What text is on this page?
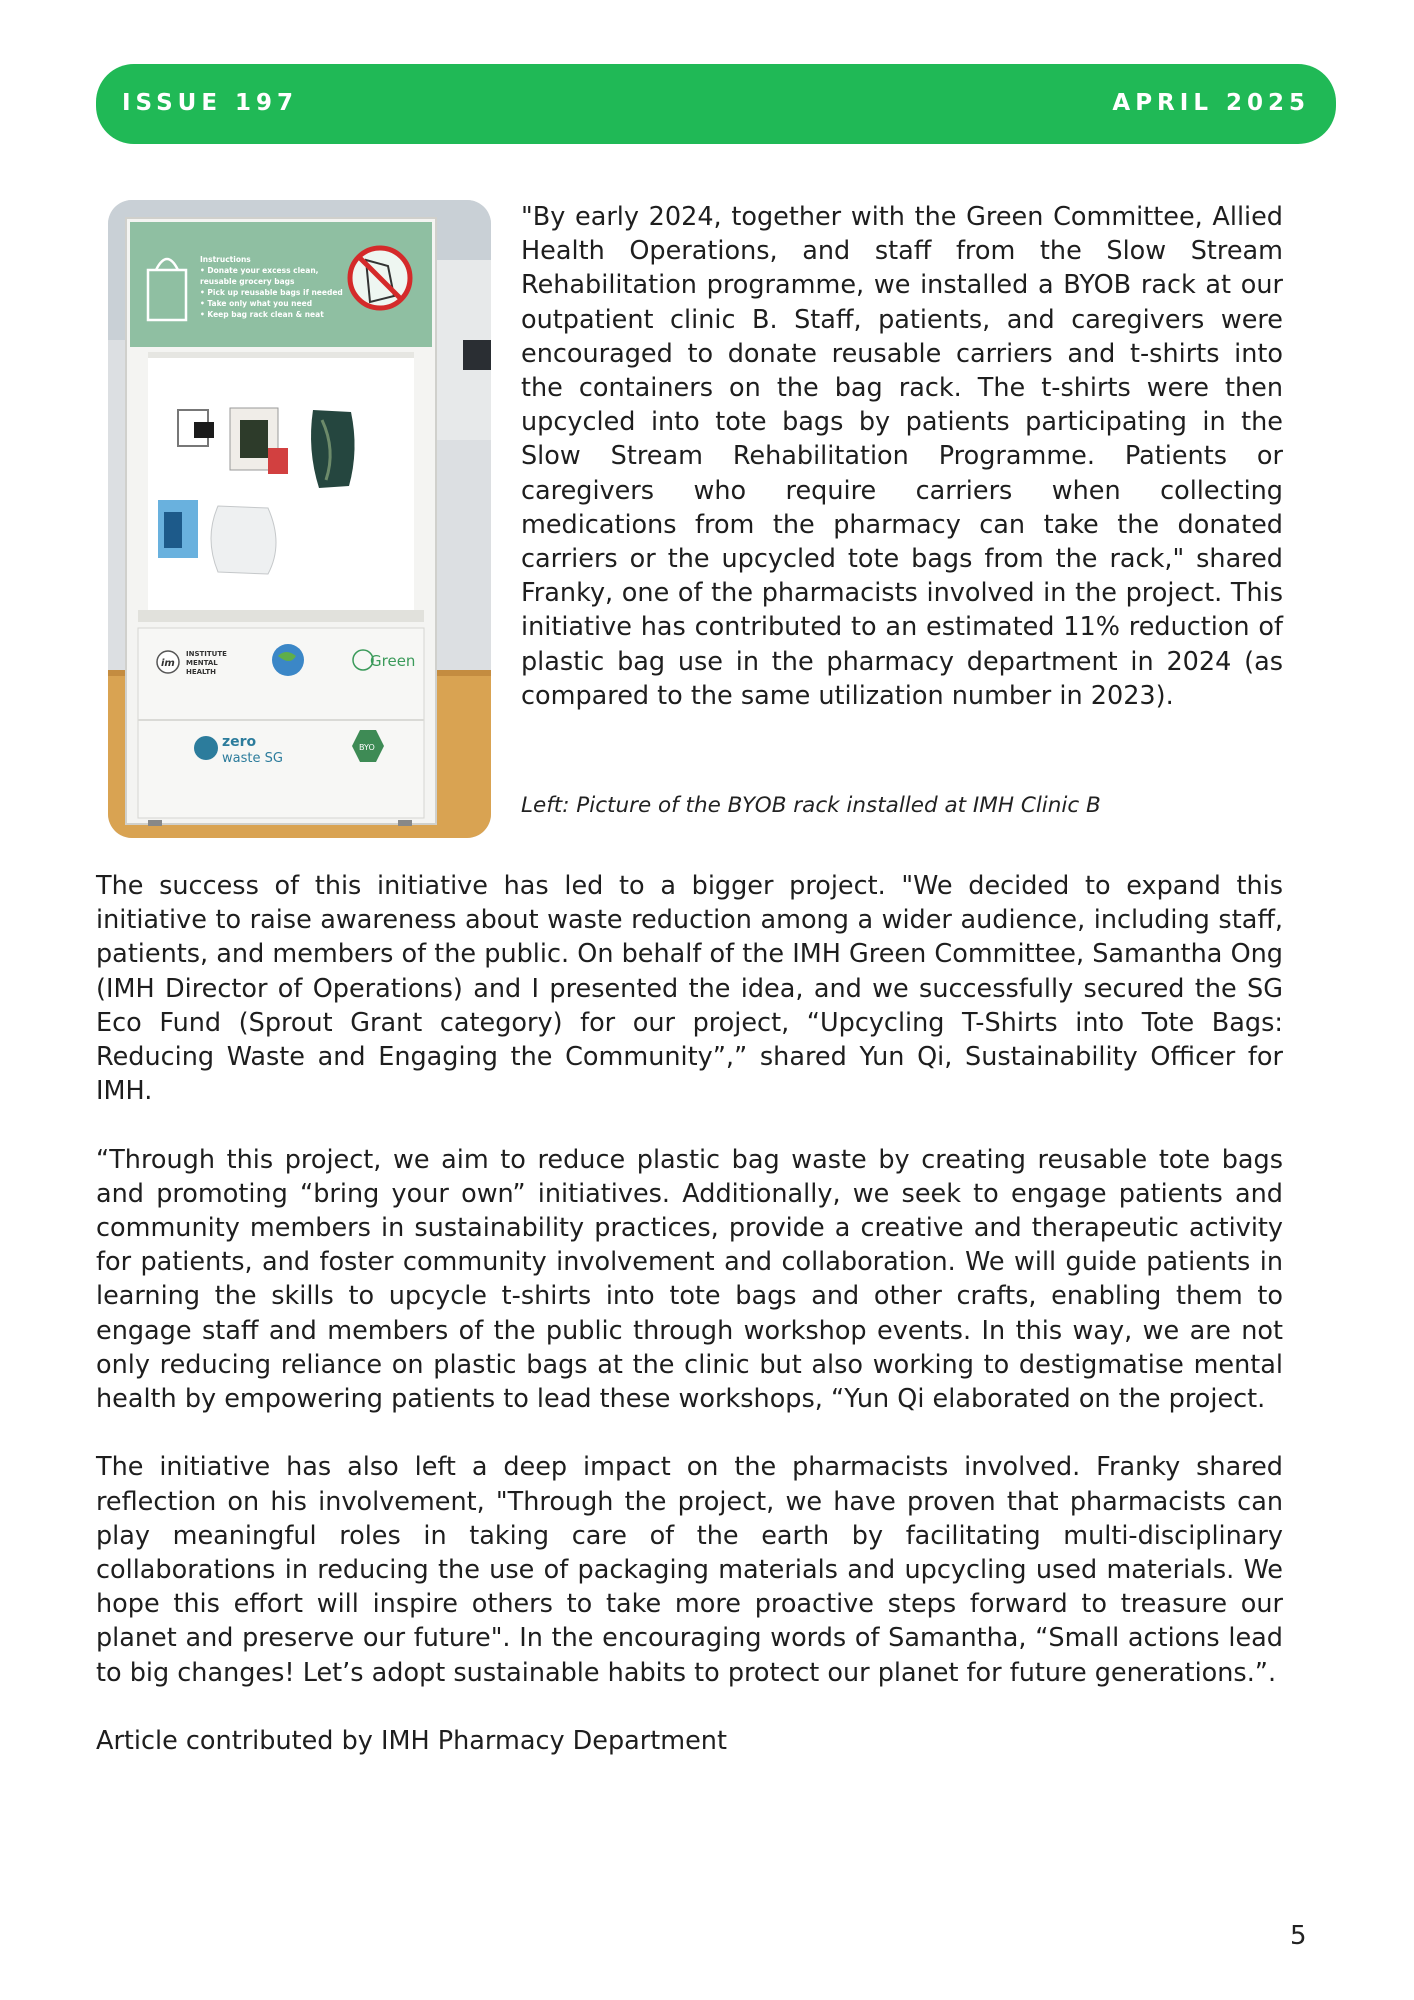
ISSUE 197	APRIL 2025
Instructions
• Donate your excess clean,
reusable grocery bags
• Pick up reusable bags if needed
• Take only what you need
• Keep bag rack clean & neat
im
INSTITUTE
MENTAL
HEALTH
Green
zero
waste SG
BYO

"By early 2024, together with the Green Committee, Allied Health Operations, and staff from the Slow Stream Rehabilitation programme, we installed a BYOB rack at our outpatient clinic B. Staff, patients, and caregivers were encouraged to donate reusable carriers and t-shirts into the containers on the bag rack. The t-shirts were then upcycled into tote bags by patients participating in the Slow Stream Rehabilitation Programme. Patients or caregivers who require carriers when collecting medications from the pharmacy can take the donated carriers or the upcycled tote bags from the rack," shared Franky, one of the pharmacists involved in the project. This initiative has contributed to an estimated 11% reduction of plastic bag use in the pharmacy department in 2024 (as compared to the same utilization number in 2023).

Left: Picture of the BYOB rack installed at IMH Clinic B

The success of this initiative has led to a bigger project. "We decided to expand this initiative to raise awareness about waste reduction among a wider audience, including staff, patients, and members of the public. On behalf of the IMH Green Committee, Samantha Ong (IMH Director of Operations) and I presented the idea, and we successfully secured the SG Eco Fund (Sprout Grant category) for our project, “Upcycling T-Shirts into Tote Bags: Reducing Waste and Engaging the Community”,” shared Yun Qi, Sustainability Officer for IMH.

“Through this project, we aim to reduce plastic bag waste by creating reusable tote bags and promoting “bring your own” initiatives. Additionally, we seek to engage patients and community members in sustainability practices, provide a creative and therapeutic activity for patients, and foster community involvement and collaboration. We will guide patients in learning the skills to upcycle t-shirts into tote bags and other crafts, enabling them to engage staff and members of the public through workshop events. In this way, we are not only reducing reliance on plastic bags at the clinic but also working to destigmatise mental health by empowering patients to lead these workshops, “Yun Qi elaborated on the project.

The initiative has also left a deep impact on the pharmacists involved. Franky shared reflection on his involvement, "Through the project, we have proven that pharmacists can play meaningful roles in taking care of the earth by facilitating multi-disciplinary collaborations in reducing the use of packaging materials and upcycling used materials. We hope this effort will inspire others to take more proactive steps forward to treasure our planet and preserve our future". In the encouraging words of Samantha, “Small actions lead to big changes! Let’s adopt sustainable habits to protect our planet for future generations.”.

Article contributed by IMH Pharmacy Department

5
